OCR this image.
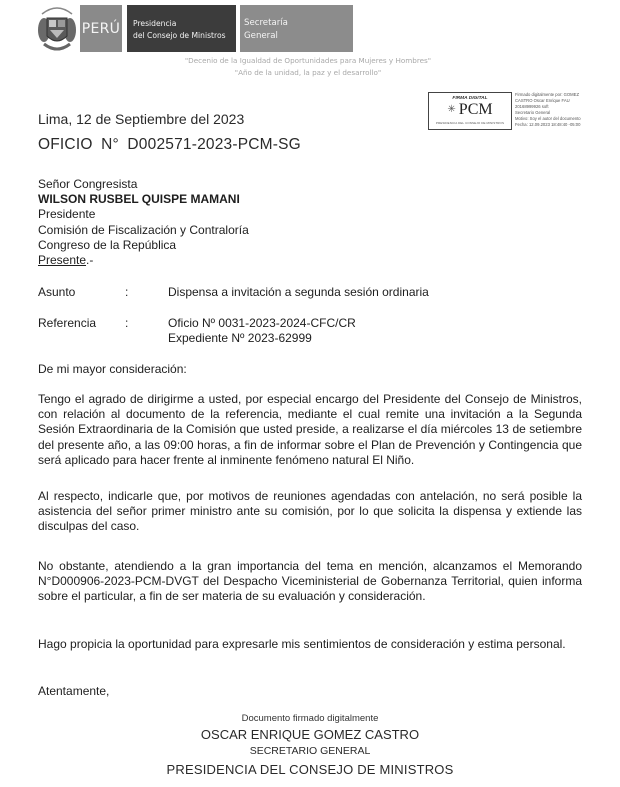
PERÚ Presidencia
del Consejo de Ministros
Secretaría
General
"Decenio de la Igualdad de Oportunidades para Mujeres y Hombres"
"Año de la unidad, la paz y el desarrollo"
FIRMA DIGITAL
✳ PCM
PRESIDENCIA DEL CONSEJO DE MINISTROS
Firmado digitalmente por: GOMEZ
CASTRO Oscar Enrique FAU
20168999926 soft
Secretario General
Motivo: Soy el autor del documento
Fecha: 12.09.2023 18:48:40 -05:00
Lima, 12 de Septiembre del 2023
OFICIO N° D002571-2023-PCM-SG
Señor Congresista
WILSON RUSBEL QUISPE MAMANI
Presidente
Comisión de Fiscalización y Contraloría
Congreso de la República
Presente.-
Asunto	:	Dispensa a invitación a segunda sesión ordinaria
Referencia :	Oficio Nº 0031-2023-2024-CFC/CR
Expediente Nº 2023-62999
De mi mayor consideración:
Tengo el agrado de dirigirme a usted, por especial encargo del Presidente del Consejo de Ministros, con relación al documento de la referencia, mediante el cual remite una invitación a la Segunda Sesión Extraordinaria de la Comisión que usted preside, a realizarse el día miércoles 13 de setiembre del presente año, a las 09:00 horas, a fin de informar sobre el Plan de Prevención y Contingencia que será aplicado para hacer frente al inminente fenómeno natural El Niño.
Al respecto, indicarle que, por motivos de reuniones agendadas con antelación, no será posible la asistencia del señor primer ministro ante su comisión, por lo que solicita la dispensa y extiende las disculpas del caso.
No obstante, atendiendo a la gran importancia del tema en mención, alcanzamos el Memorando N°D000906-2023-PCM-DVGT del Despacho Viceministerial de Gobernanza Territorial, quien informa sobre el particular, a fin de ser materia de su evaluación y consideración.
Hago propicia la oportunidad para expresarle mis sentimientos de consideración y estima personal.
Atentamente,
Documento firmado digitalmente
OSCAR ENRIQUE GOMEZ CASTRO
SECRETARIO GENERAL
PRESIDENCIA DEL CONSEJO DE MINISTROS
